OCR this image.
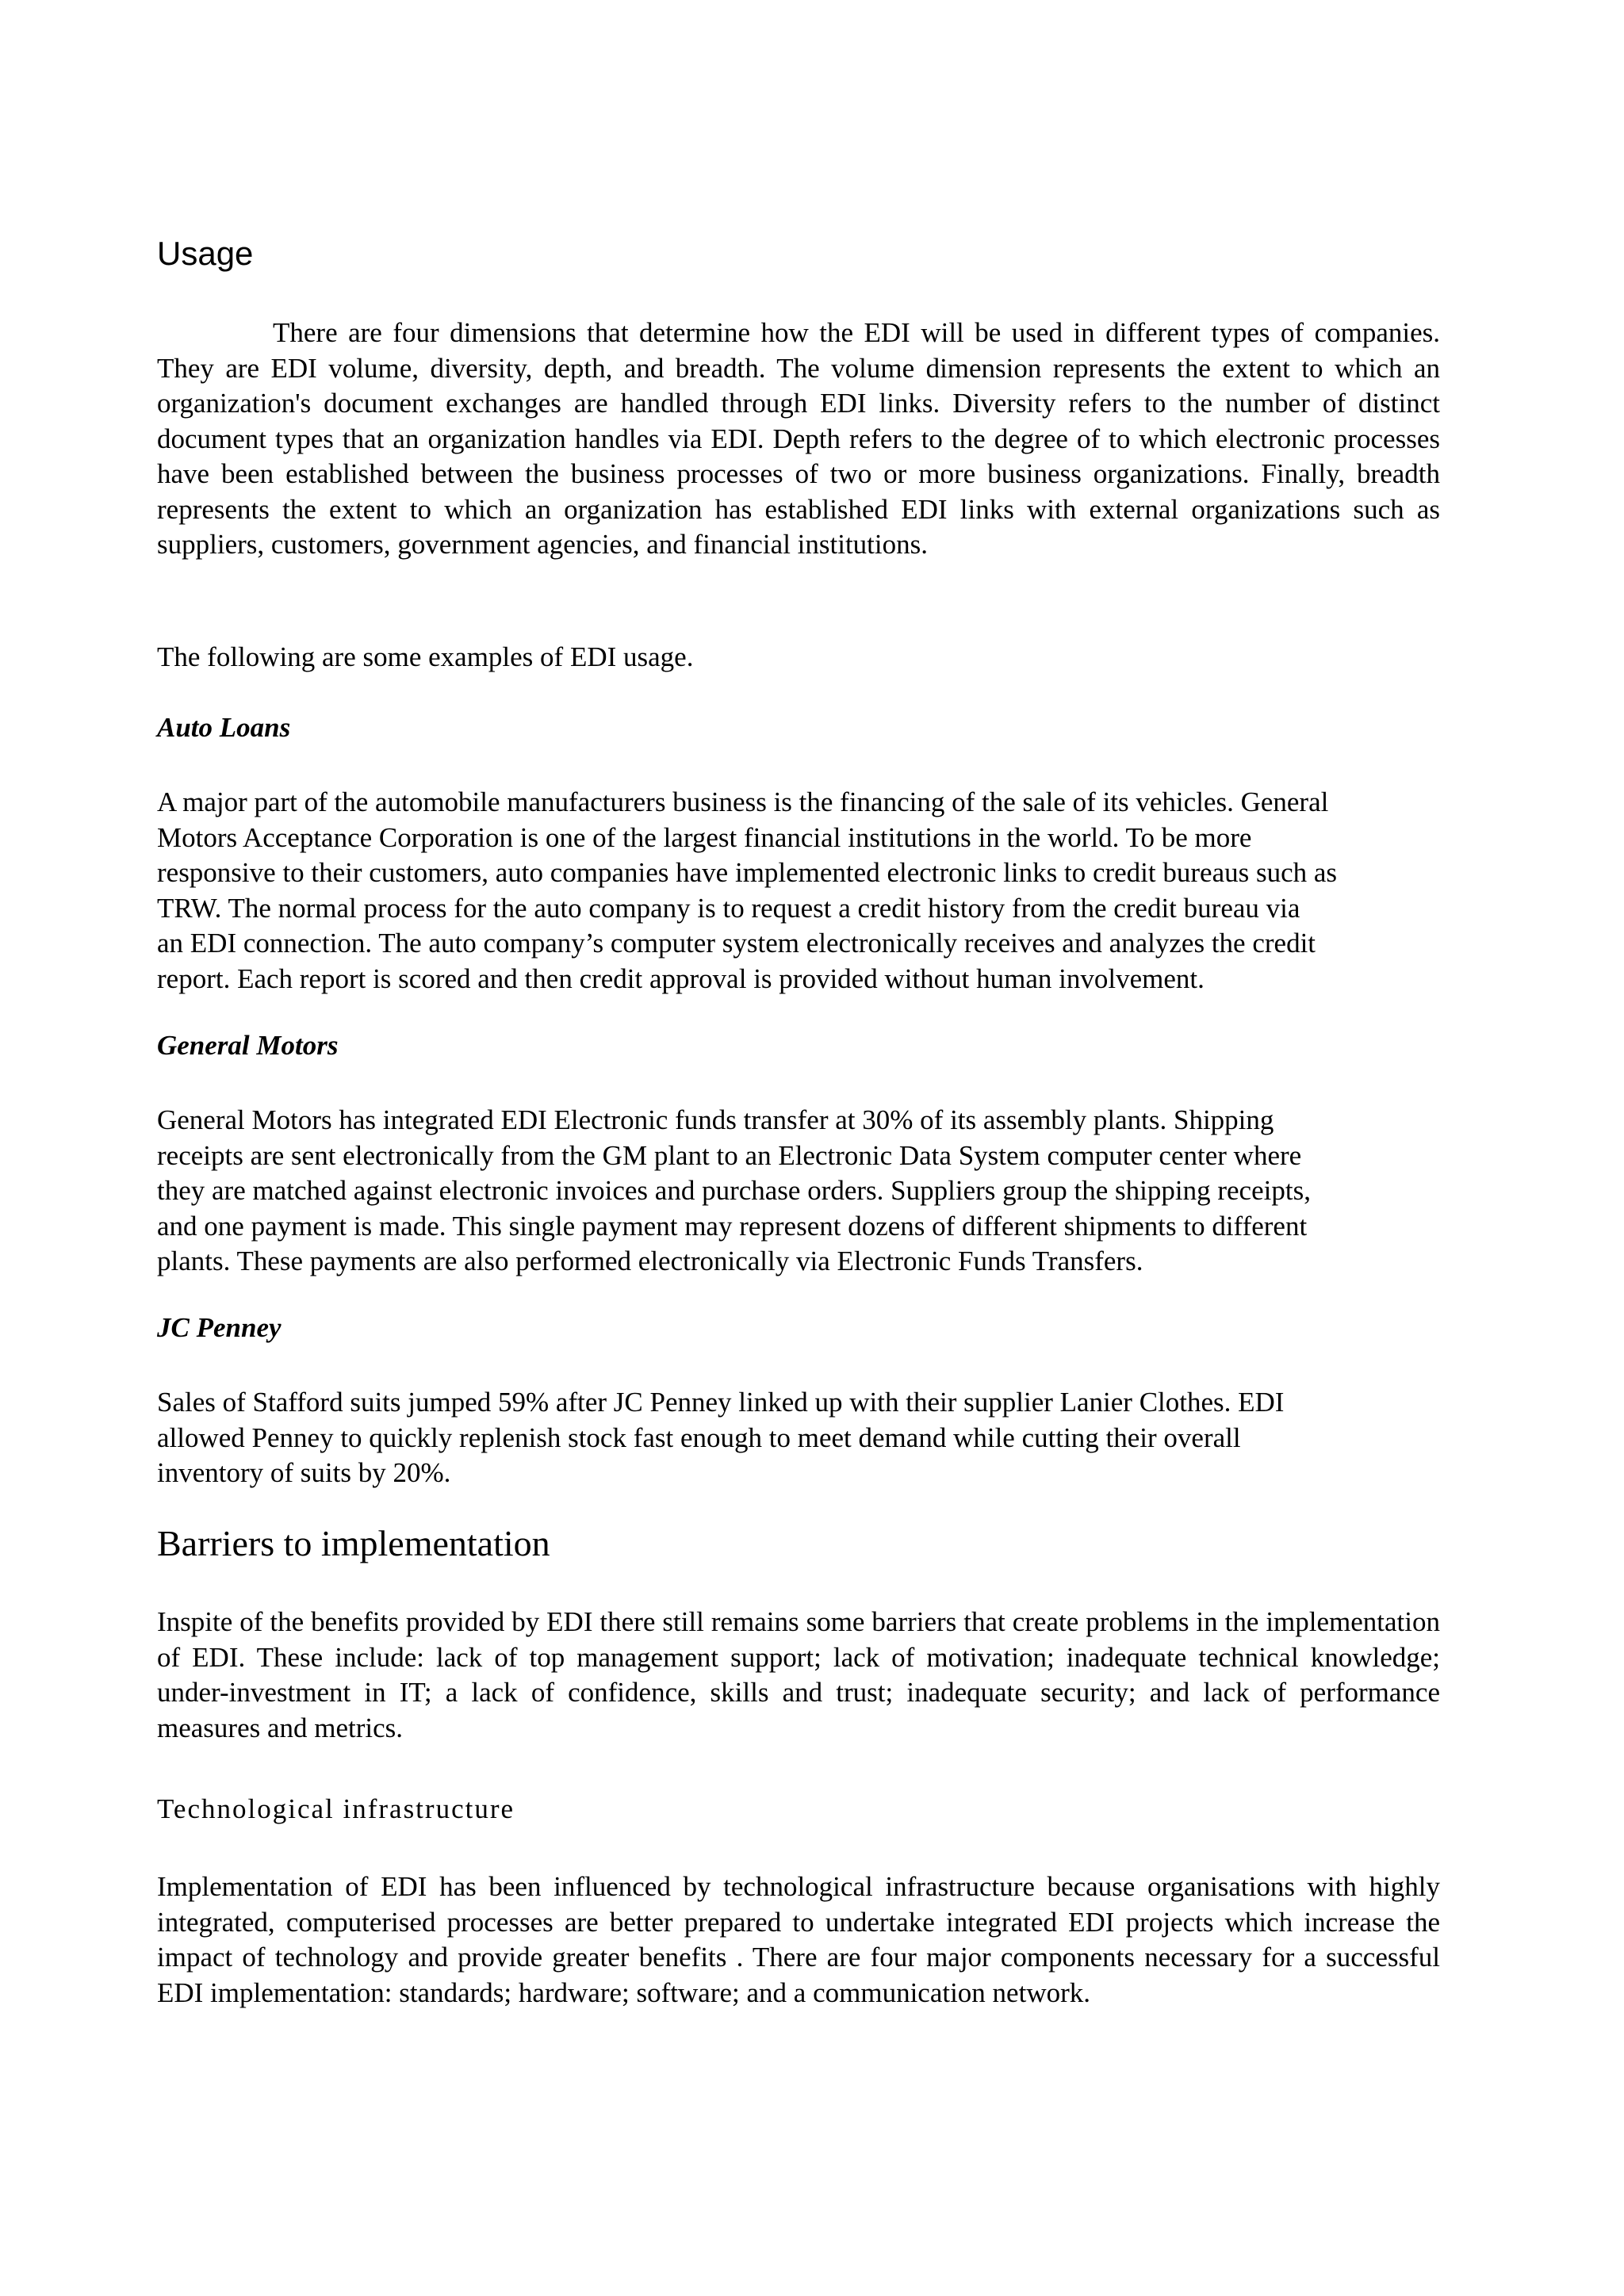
Usage

There are four dimensions that determine how the EDI will be used in different types of companies. They are EDI volume, diversity, depth, and breadth. The volume dimension represents the extent to which an organization's document exchanges are handled through EDI links. Diversity refers to the number of distinct document types that an organization handles via EDI. Depth refers to the degree of to which electronic processes have been established between the business processes of two or more business organizations. Finally, breadth represents the extent to which an organization has established EDI links with external organizations such as suppliers, customers, government agencies, and financial institutions.

The following are some examples of EDI usage.

Auto Loans

A major part of the automobile manufacturers business is the financing of the sale of its vehicles. General
Motors Acceptance Corporation is one of the largest financial institutions in the world. To be more
responsive to their customers, auto companies have implemented electronic links to credit bureaus such as
TRW. The normal process for the auto company is to request a credit history from the credit bureau via
an EDI connection. The auto company’s computer system electronically receives and analyzes the credit
report. Each report is scored and then credit approval is provided without human involvement.

General Motors

General Motors has integrated EDI Electronic funds transfer at 30% of its assembly plants. Shipping
receipts are sent electronically from the GM plant to an Electronic Data System computer center where
they are matched against electronic invoices and purchase orders. Suppliers group the shipping receipts,
and one payment is made. This single payment may represent dozens of different shipments to different
plants. These payments are also performed electronically via Electronic Funds Transfers.

JC Penney

Sales of Stafford suits jumped 59% after JC Penney linked up with their supplier Lanier Clothes. EDI
allowed Penney to quickly replenish stock fast enough to meet demand while cutting their overall
inventory of suits by 20%.

Barriers to implementation

Inspite of the benefits provided by EDI there still remains some barriers that create problems in the implementation of EDI. These include: lack of top management support; lack of motivation; inadequate technical knowledge; under-investment in IT; a lack of confidence, skills and trust; inadequate security; and lack of performance measures and metrics.

Technological infrastructure

Implementation of EDI has been influenced by technological infrastructure because organisations with highly integrated, computerised processes are better prepared to undertake integrated EDI projects which increase the impact of technology and provide greater benefits . There are four major components necessary for a successful EDI implementation: standards; hardware; software; and a communication network.
